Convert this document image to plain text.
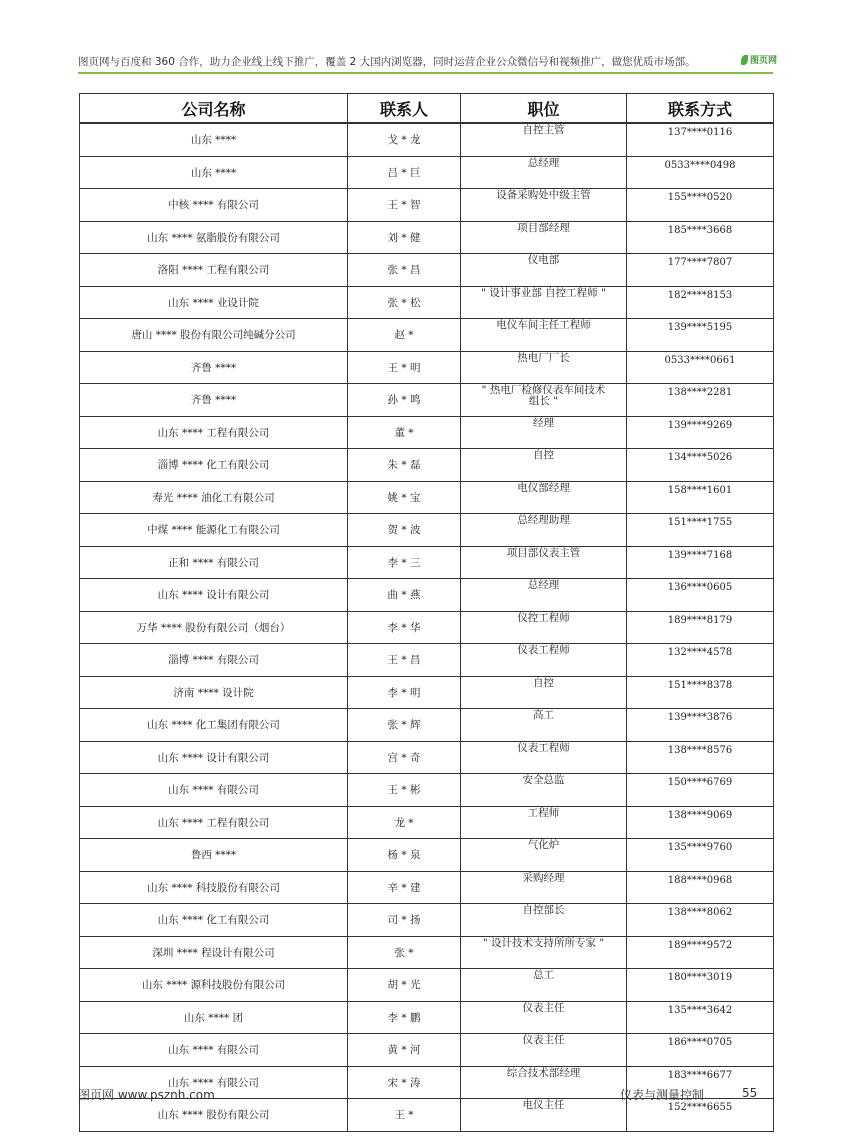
图页网与百度和 360 合作，助力企业线上线下推广，覆盖 2 大国内浏览器，同时运营企业公众微信号和视频推广，做您优质市场部。	图页网
公司名称	联系人	职位	联系方式
山东 ****	戈 * 龙	自控主管	137****0116
山东 ****	吕 * 巨	总经理	0533****0498
中核 **** 有限公司	王 * 智	设备采购处中级主管	155****0520
山东 **** 氨脂股份有限公司	刘 * 健	项目部经理	185****3668
洛阳 **** 工程有限公司	张 * 昌	仪电部	177****7807
山东 **** 业设计院	张 * 松	" 设计事业部 自控工程师 "	182****8153
唐山 **** 股份有限公司纯碱分公司	赵 *	电仪车间主任工程师	139****5195
齐鲁 ****	王 * 明	热电厂厂长	0533****0661
齐鲁 ****	孙 * 鸣	" 热电厂检修仪表车间技术组长 "	138****2281
山东 **** 工程有限公司	董 *	经理	139****9269
淄博 **** 化工有限公司	朱 * 磊	自控	134****5026
寿光 **** 油化工有限公司	姚 * 宝	电仪部经理	158****1601
中煤 **** 能源化工有限公司	贺 * 波	总经理助理	151****1755
正和 **** 有限公司	李 * 三	项目部仪表主管	139****7168
山东 **** 设计有限公司	曲 * 燕	总经理	136****0605
万华 **** 股份有限公司（烟台）	李 * 华	仪控工程师	189****8179
淄博 **** 有限公司	王 * 昌	仪表工程师	132****4578
济南 **** 设计院	李 * 明	自控	151****8378
山东 **** 化工集团有限公司	张 * 辉	高工	139****3876
山东 **** 设计有限公司	宫 * 奇	仪表工程师	138****8576
山东 **** 有限公司	王 * 彬	安全总监	150****6769
山东 **** 工程有限公司	龙 *	工程师	138****9069
鲁西 ****	杨 * 泉	气化炉	135****9760
山东 **** 科技股份有限公司	辛 * 建	采购经理	188****0968
山东 **** 化工有限公司	司 * 扬	自控部长	138****8062
深圳 **** 程设计有限公司	张 *	" 设计技术支持所所专家 "	189****9572
山东 **** 源科技股份有限公司	胡 * 光	总工	180****3019
山东 **** 团	李 * 鹏	仪表主任	135****3642
山东 **** 有限公司	黄 * 河	仪表主任	186****0705
山东 **** 有限公司	宋 * 涛	综合技术部经理	183****6677
山东 **** 股份有限公司	王 *	电仪主任	152****6655
图页网 www.psznh.com	仪表与测量控制	55
